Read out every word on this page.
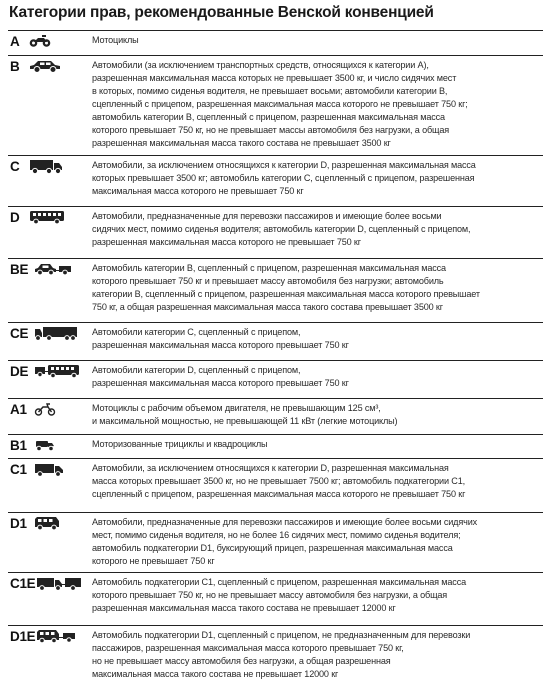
Категории прав, рекомендованные Венской конвенцией
A	Мотоциклы
B	Автомобили (за исключением транспортных средств, относящихся к категории А),
разрешенная максимальная масса которых не превышает 3500 кг, и число сидячих мест
в которых, помимо сиденья водителя, не превышает восьми; автомобили категории В,
сцепленный с прицепом, разрешенная максимальная масса которого не превышает 750 кг;
автомобиль категории В, сцепленный с прицепом, разрешенная максимальная масса
которого превышает 750 кг, но не превышает массы автомобиля без нагрузки, а общая
разрешенная максимальная масса такого состава не превышает 3500 кг
C	Автомобили, за исключением относящихся к категории D, разрешенная максимальная масса
которых превышает 3500 кг; автомобиль категории С, сцепленный с прицепом, разрешенная
максимальная масса которого не превышает 750 кг
D	Автомобили, предназначенные для перевозки пассажиров и имеющие более восьми
сидячих мест, помимо сиденья водителя; автомобиль категории D, сцепленный с прицепом,
разрешенная максимальная масса которого не превышает 750 кг
BE	Автомобиль категории В, сцепленный с прицепом, разрешенная максимальная масса
которого превышает 750 кг и превышает массу автомобиля без нагрузки; автомобиль
категории В, сцепленный с прицепом, разрешенная максимальная масса которого превышает
750 кг, а общая разрешенная максимальная масса такого состава превышает 3500 кг
CE	Автомобили категории С, сцепленный с прицепом,
разрешенная максимальная масса которого превышает 750 кг
DE	Автомобили категории D, сцепленный с прицепом,
разрешенная максимальная масса которого превышает 750 кг
A1	Мотоциклы с рабочим объемом двигателя, не превышающим 125 см³,
и максимальной мощностью, не превышающей 11 кВт (легкие мотоциклы)
B1	Моторизованные трициклы и квадроциклы
C1	Автомобили, за исключением относящихся к категории D, разрешенная максимальная
масса которых превышает 3500 кг, но не превышает 7500 кг; автомобиль подкатегории С1,
сцепленный с прицепом, разрешенная максимальная масса которого не превышает 750 кг
D1	Автомобили, предназначенные для перевозки пассажиров и имеющие более восьми сидячих
мест, помимо сиденья водителя, но не более 16 сидячих мест, помимо сиденья водителя;
автомобиль подкатегории D1, буксирующий прицеп, разрешенная максимальная масса
которого не превышает 750 кг
C1E	Автомобиль подкатегории С1, сцепленный с прицепом, разрешенная максимальная масса
которого превышает 750 кг, но не превышает массу автомобиля без нагрузки, а общая
разрешенная максимальная масса такого состава не превышает 12000 кг
D1E	Автомобиль подкатегории D1, сцепленный с прицепом, не предназначенным для перевозки
пассажиров, разрешенная максимальная масса которого превышает 750 кг,
но не превышает массу автомобиля без нагрузки, а общая разрешенная
максимальная масса такого состава не превышает 12000 кг
